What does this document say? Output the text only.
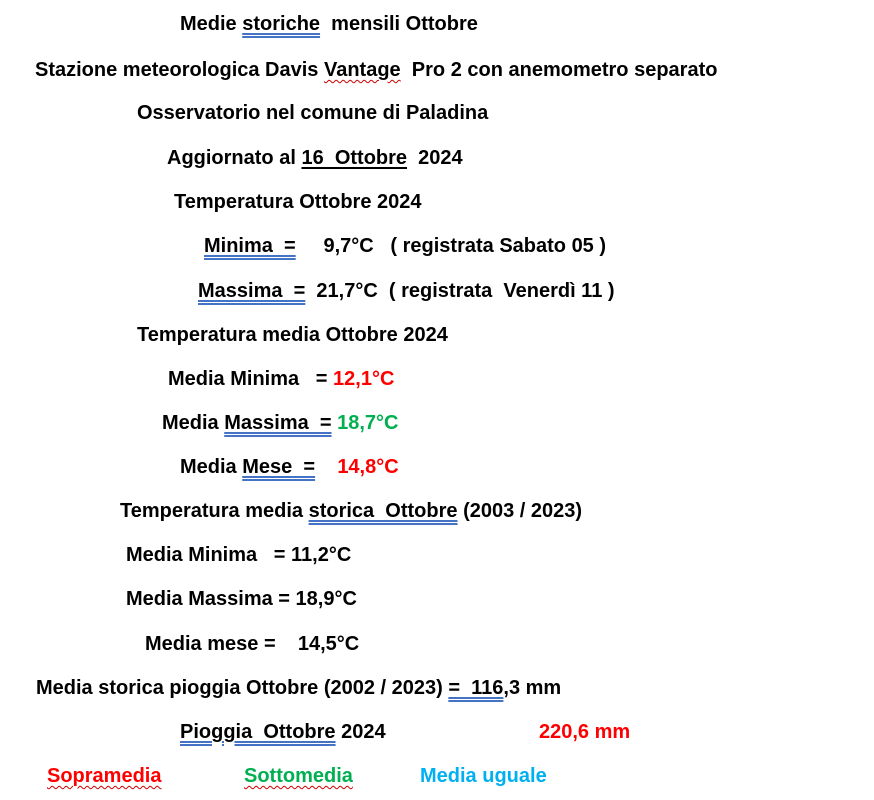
Medie storiche  mensili Ottobre
Stazione meteorologica Davis Vantage  Pro 2 con anemometro separato
Osservatorio nel comune di Paladina
Aggiornato al 16  Ottobre  2024
Temperatura Ottobre 2024
Minima  =     9,7°C   ( registrata Sabato 05 )
Massima  =  21,7°C  ( registrata  Venerdì 11 )
Temperatura media Ottobre 2024
Media Minima   = 12,1°C
Media Massima  = 18,7°C
Media Mese  = 14,8°C
Temperatura media storica  Ottobre (2003 / 2023)
Media Minima   = 11,2°C
Media Massima = 18,9°C
Media mese =    14,5°C
Media storica pioggia Ottobre (2002 / 2023) =  116,3 mm
Pioggia  Ottobre 2024	220,6 mm
Sopramedia	Sottomedia	Media uguale
